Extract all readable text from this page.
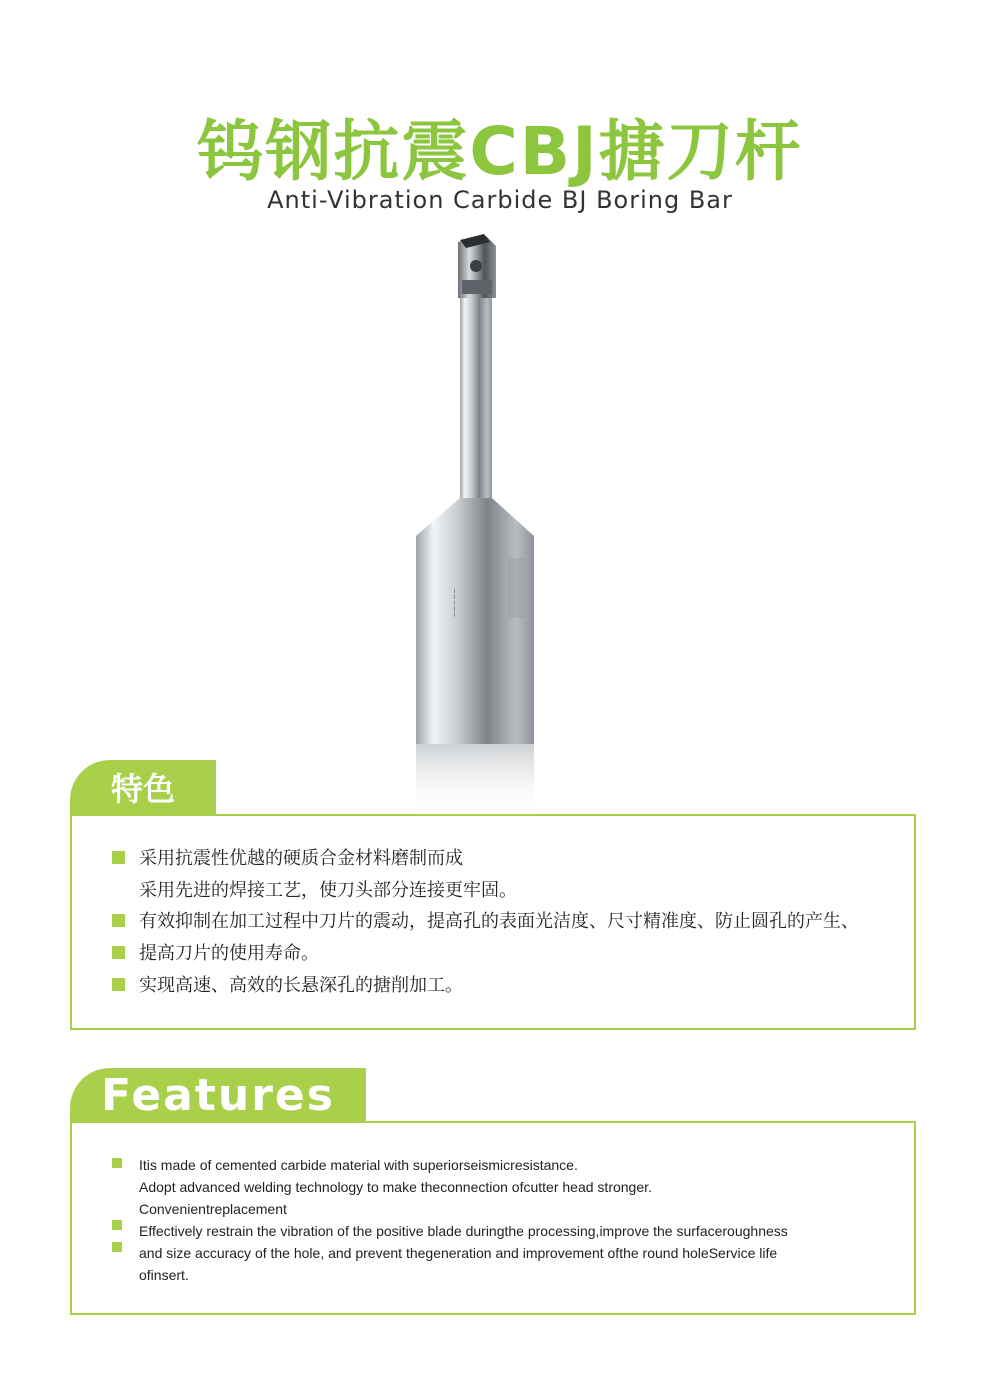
钨钢抗震CBJ搪刀杆
Anti-Vibration Carbide BJ Boring Bar
~~~~~
特色
采用抗震性优越的硬质合金材料磨制而成
采用先进的焊接工艺，使刀头部分连接更牢固。
有效抑制在加工过程中刀片的震动，提高孔的表面光洁度、尺寸精准度、防止圆孔的产生、
提高刀片的使用寿命。
实现高速、高效的长悬深孔的搪削加工。
Features
Itis made of cemented carbide material with superiorseismicresistance.
Adopt advanced welding technology to make theconnection ofcutter head stronger.
Convenientreplacement
Effectively restrain the vibration of the positive blade duringthe processing,improve the surfaceroughness
and size accuracy of the hole, and prevent thegeneration and improvement ofthe round holeService life
ofinsert.
